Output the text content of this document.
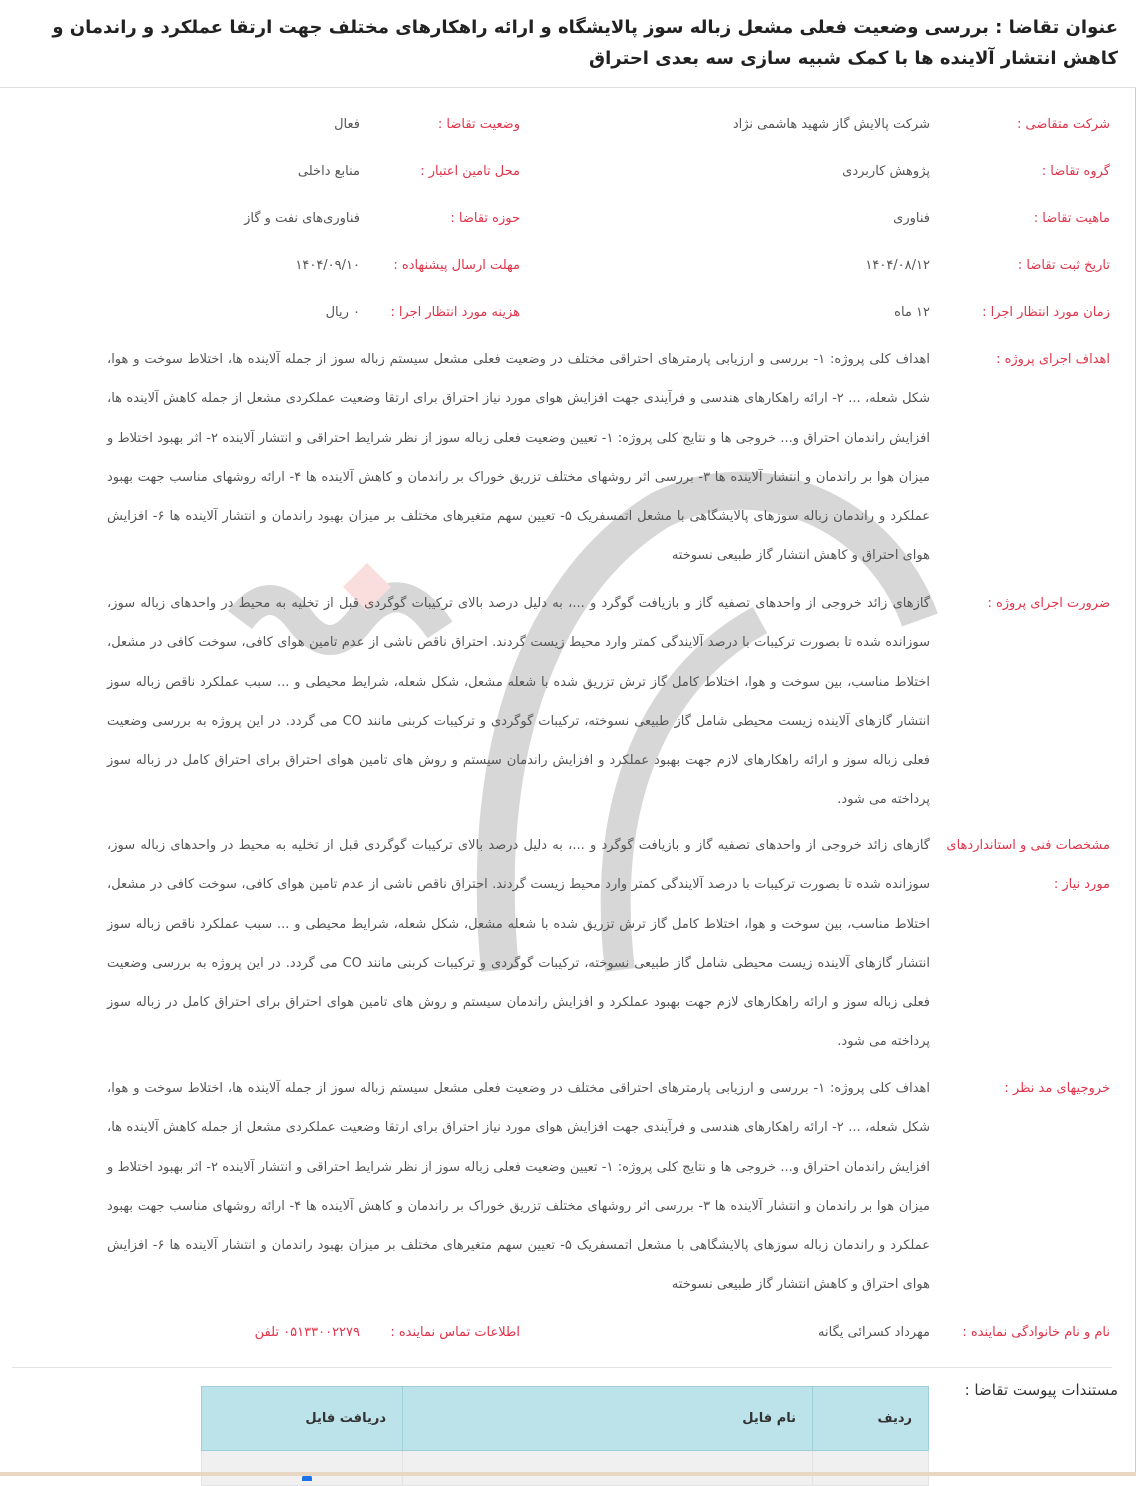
عنوان تقاضا : بررسی وضعیت فعلی مشعل زباله سوز پالایشگاه و ارائه راهکارهای مختلف جهت ارتقا عملکرد و راندمان و کاهش انتشار آلاینده ها با کمک شبیه سازی سه بعدی احتراق
شرکت متقاضی :
شرکت پالایش گاز شهید هاشمی نژاد
وضعیت تقاضا :
فعال
گروه تقاضا :
پژوهش کاربردی
محل تامین اعتبار :
منابع داخلی
ماهیت تقاضا :
فناوری
حوزه تقاضا :
فناوری‌های نفت و گاز
تاریخ ثبت تقاضا :
۱۴۰۴/۰۸/۱۲
مهلت ارسال پیشنهاده :
۱۴۰۴/۰۹/۱۰
زمان مورد انتظار اجرا :
۱۲ ماه
هزینه مورد انتظار اجرا :
۰ ریال
اهداف اجرای پروژه :
اهداف کلی پروژه: ۱- بررسی و ارزیابی پارمترهای احتراقی مختلف در وضعیت فعلی مشعل سیستم زباله سوز از جمله آلاینده ها، اختلاط سوخت و هوا، شکل شعله، ... ۲- ارائه راهکارهای هندسی و فرآیندی جهت افزایش هوای مورد نیاز احتراق برای ارتقا وضعیت عملکردی مشعل از جمله کاهش آلاینده ها، افزایش راندمان احتراق و... خروجی ها و نتایج کلی پروژه: ۱- تعیین وضعیت فعلی زباله سوز از نظر شرایط احتراقی و انتشار آلاینده ۲- اثر بهبود اختلاط و میزان هوا بر راندمان و انتشار آلاینده ها ۳- بررسی اثر روشهای مختلف تزریق خوراک بر راندمان و کاهش آلاینده ها ۴- ارائه روشهای مناسب جهت بهبود عملکرد و راندمان زباله سوزهای پالایشگاهی با مشعل اتمسفریک ۵- تعیین سهم متغیرهای مختلف بر میزان بهبود راندمان و انتشار آلاینده ها ۶- افزایش هوای احتراق و کاهش انتشار گاز طبیعی نسوخته
ضرورت اجرای پروژه :
گازهای زائد خروجی از واحدهای تصفیه گاز و بازیافت گوگرد و ...، به دلیل درصد بالای ترکیبات گوگردی قبل از تخلیه به محیط در واحدهای زباله سوز، سوزانده شده تا بصورت ترکیبات با درصد آلایندگی کمتر وارد محیط زیست گردند. احتراق ناقص ناشی از عدم تامین هوای کافی، سوخت کافی در مشعل، اختلاط مناسب، بین سوخت و هوا، اختلاط کامل گاز ترش تزریق شده با شعله مشعل، شکل شعله، شرایط محیطی و ... سبب عملکرد ناقص زباله سوز انتشار گازهای آلاینده زیست محیطی شامل گاز طبیعی نسوخته، ترکیبات گوگردی و ترکیبات کربنی مانند CO می گردد. در این پروژه به بررسی وضعیت فعلی زباله سوز و ارائه راهکارهای لازم جهت بهبود عملکرد و افزایش راندمان سیستم و روش های تامین هوای احتراق برای احتراق کامل در زباله سوز پرداخته می شود.
مشخصات فنی و استانداردهای مورد نیاز :
گازهای زائد خروجی از واحدهای تصفیه گاز و بازیافت گوگرد و ...، به دلیل درصد بالای ترکیبات گوگردی قبل از تخلیه به محیط در واحدهای زباله سوز، سوزانده شده تا بصورت ترکیبات با درصد آلایندگی کمتر وارد محیط زیست گردند. احتراق ناقص ناشی از عدم تامین هوای کافی، سوخت کافی در مشعل، اختلاط مناسب، بین سوخت و هوا، اختلاط کامل گاز ترش تزریق شده با شعله مشعل، شکل شعله، شرایط محیطی و ... سبب عملکرد ناقص زباله سوز انتشار گازهای آلاینده زیست محیطی شامل گاز طبیعی نسوخته، ترکیبات گوگردی و ترکیبات کربنی مانند CO می گردد. در این پروژه به بررسی وضعیت فعلی زباله سوز و ارائه راهکارهای لازم جهت بهبود عملکرد و افزایش راندمان سیستم و روش های تامین هوای احتراق برای احتراق کامل در زباله سوز پرداخته می شود.
خروجیهای مد نظر :
اهداف کلی پروژه: ۱- بررسی و ارزیابی پارمترهای احتراقی مختلف در وضعیت فعلی مشعل سیستم زباله سوز از جمله آلاینده ها، اختلاط سوخت و هوا، شکل شعله، ... ۲- ارائه راهکارهای هندسی و فرآیندی جهت افزایش هوای مورد نیاز احتراق برای ارتقا وضعیت عملکردی مشعل از جمله کاهش آلاینده ها، افزایش راندمان احتراق و... خروجی ها و نتایج کلی پروژه: ۱- تعیین وضعیت فعلی زباله سوز از نظر شرایط احتراقی و انتشار آلاینده ۲- اثر بهبود اختلاط و میزان هوا بر راندمان و انتشار آلاینده ها ۳- بررسی اثر روشهای مختلف تزریق خوراک بر راندمان و کاهش آلاینده ها ۴- ارائه روشهای مناسب جهت بهبود عملکرد و راندمان زباله سوزهای پالایشگاهی با مشعل اتمسفریک ۵- تعیین سهم متغیرهای مختلف بر میزان بهبود راندمان و انتشار آلاینده ها ۶- افزایش هوای احتراق و کاهش انتشار گاز طبیعی نسوخته
نام و نام خانوادگی نماینده :
مهرداد کسرائی یگانه
اطلاعات تماس نماینده :
۰۵۱۳۳۰۰۲۲۷۹ تلفن
مستندات پیوست تقاضا :
ردیف	نام فایل	دریافت فایل
